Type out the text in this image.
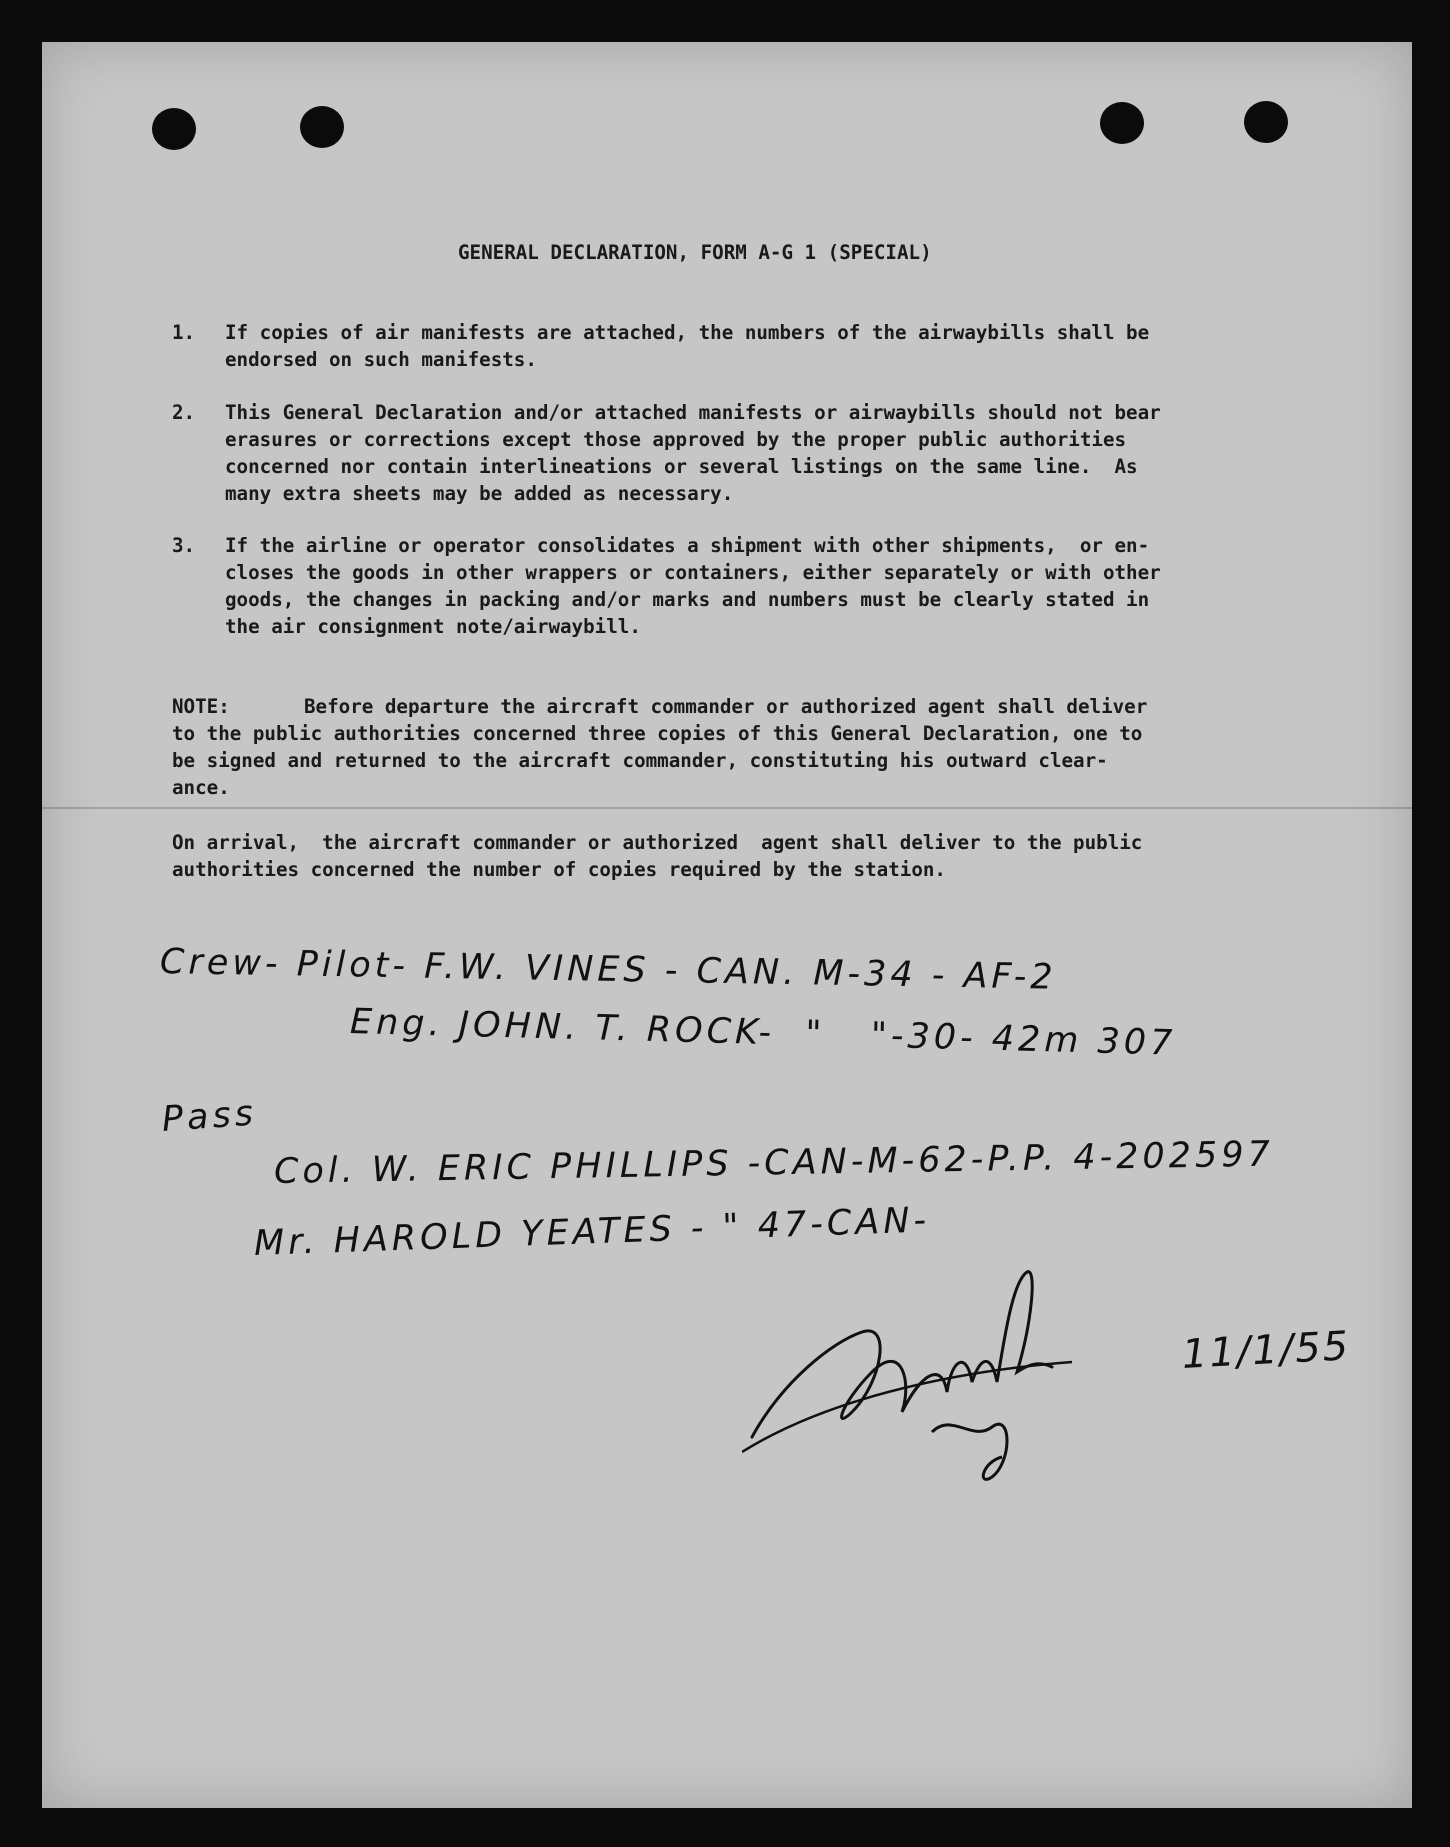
GENERAL DECLARATION, FORM A-G 1 (SPECIAL)

1. If copies of air manifests are attached, the numbers of the airwaybills shall be

endorsed on such manifests.

2. This General Declaration and/or attached manifests or airwaybills should not bear

erasures or corrections except those approved by the proper public authorities

concerned nor contain interlineations or several listings on the same line.  As

many extra sheets may be added as necessary.

3. If the airline or operator consolidates a shipment with other shipments,  or en-

closes the goods in other wrappers or containers, either separately or with other

goods, the changes in packing and/or marks and numbers must be clearly stated in

the air consignment note/airwaybill.

NOTE:	Before departure the aircraft commander or authorized agent shall deliver

to the public authorities concerned three copies of this General Declaration, one to

be signed and returned to the aircraft commander, constituting his outward clear-

ance.

On arrival,  the aircraft commander or authorized  agent shall deliver to the public

authorities concerned the number of copies required by the station.

Crew- Pilot- F.W. VINES - CAN. M-34 - AF-2
Eng. JOHN. T. ROCK-  "   "-30- 42m 307
Pass
Col. W. ERIC PHILLIPS -CAN-M-62-P.P. 4-202597
Mr. HAROLD YEATES - " 47-CAN-
11/1/55
